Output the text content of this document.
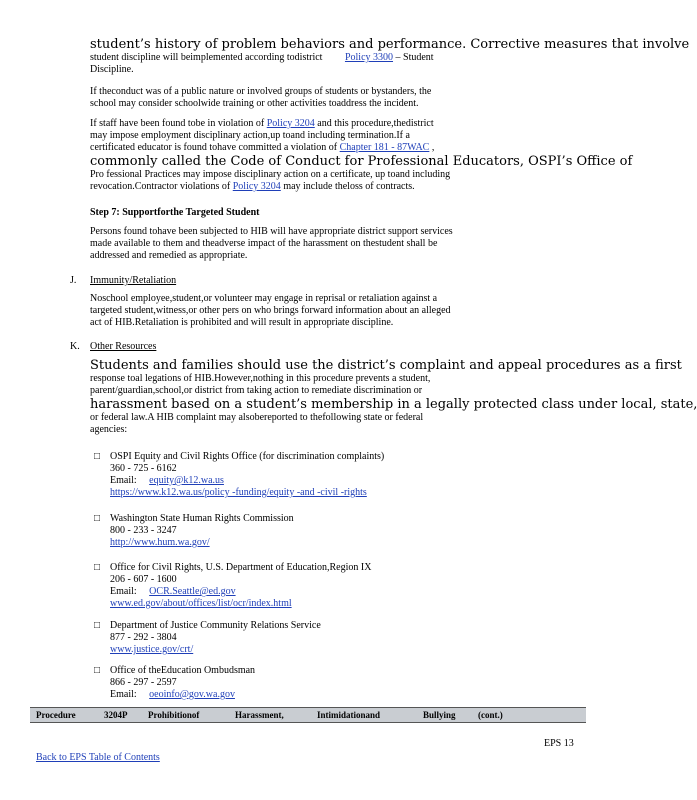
student’s history of problem behaviors and performance. Corrective measures that involve
student discipline will beimplemented according todistrict Policy 3300 – Student
Discipline.
If theconduct was of a public nature or involved groups of students or bystanders, the
school may consider schoolwide training or other activities toaddress the incident.
If staff have been found tobe in violation of Policy 3204 and this procedure,thedistrict
may impose employment disciplinary action,up toand including termination.If a
certificated educator is found tohave committed a violation of Chapter 181 - 87WAC ,
commonly called the Code of Conduct for Professional Educators, OSPI’s Office of
Pro fessional Practices may impose disciplinary action on a certificate, up toand including
revocation.Contractor violations of Policy 3204 may include theloss of contracts.
Step 7: Supportforthe Targeted Student
Persons found tohave been subjected to HIB will have appropriate district support services
made available to them and theadverse impact of the harassment on thestudent shall be
addressed and remedied as appropriate.
J. Immunity/Retaliation
Noschool employee,student,or volunteer may engage in reprisal or retaliation against a
targeted student,witness,or other pers on who brings forward information about an alleged
act of HIB.Retaliation is prohibited and will result in appropriate discipline.
K. Other Resources
Students and families should use the district’s complaint and appeal procedures as a first
response toal legations of HIB.However,nothing in this procedure prevents a student,
parent/guardian,school,or district from taking action to remediate discrimination or
harassment based on a student’s membership in a legally protected class under local, state,
or federal law.A HIB complaint may alsobereported to thefollowing state or federal
agencies:
□ OSPI Equity and Civil Rights Office (for discrimination complaints)
360 - 725 - 6162
Email: equity@k12.wa.us
https://www.k12.wa.us/policy -funding/equity -and -civil -rights
□ Washington State Human Rights Commission
800 - 233 - 3247
http://www.hum.wa.gov/
□ Office for Civil Rights, U.S. Department of Education,Region IX
206 - 607 - 1600
Email: OCR.Seattle@ed.gov
www.ed.gov/about/offices/list/ocr/index.html
□ Department of Justice Community Relations Service
877 - 292 - 3804
www.justice.gov/crt/
□ Office of theEducation Ombudsman
866 - 297 - 2597
Email: oeoinfo@gov.wa.gov
Procedure	3204P Prohibitionof	Harassment,	Intimidationand	Bullying (cont.)
EPS 13
Back to EPS Table of Contents
